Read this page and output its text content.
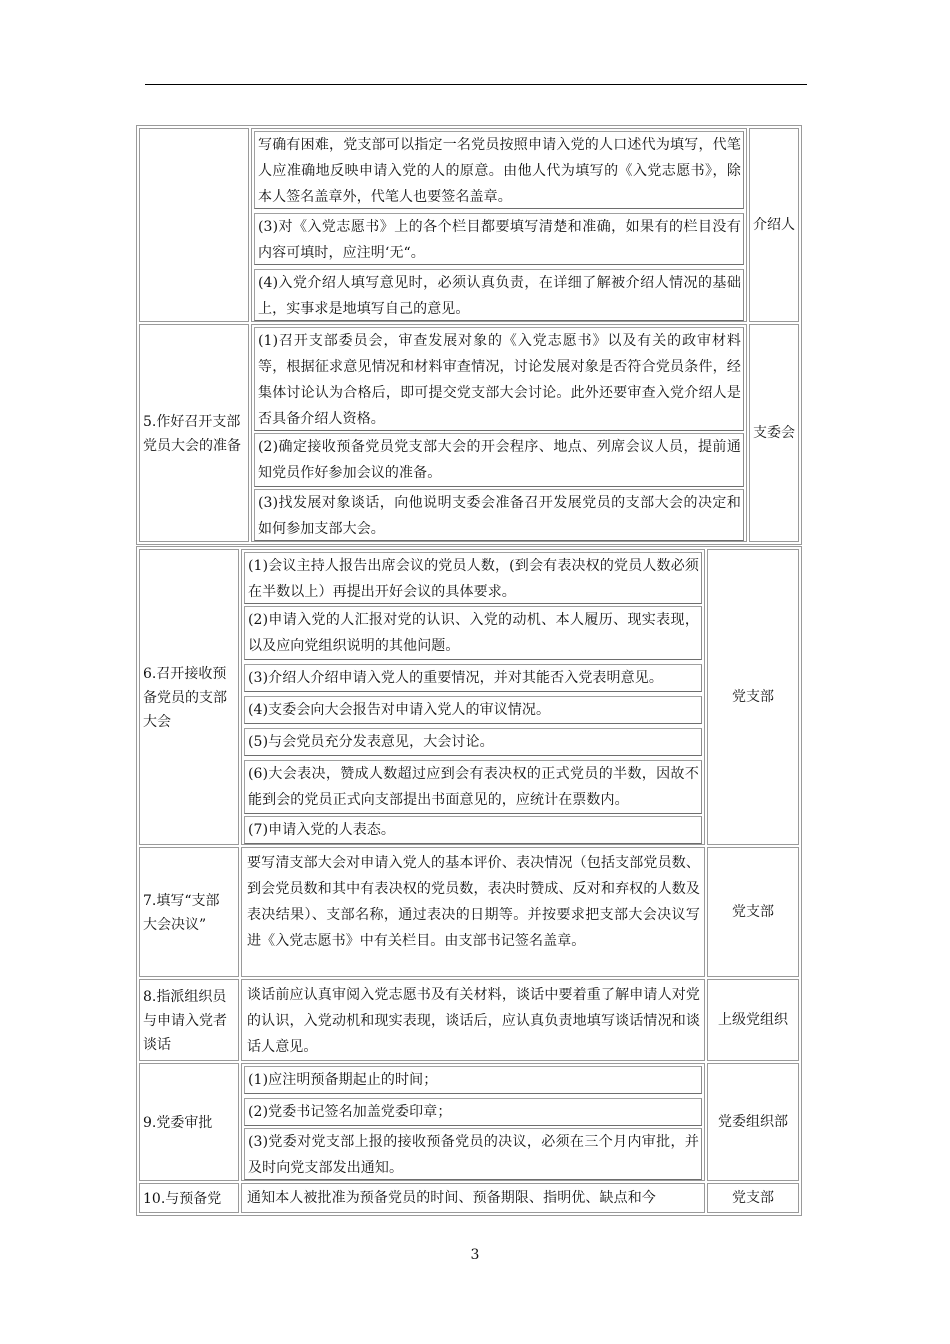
写确有困难，党支部可以指定一名党员按照申请入党的人口述代为填写，代笔人应准确地反映申请入党的人的原意。由他人代为填写的《入党志愿书》，除本人签名盖章外，代笔人也要签名盖章。
(3)对《入党志愿书》上的各个栏目都要填写清楚和准确，如果有的栏目没有内容可填时，应注明‘无“。
(4)入党介绍人填写意见时，必须认真负责，在详细了解被介绍人情况的基础上，实事求是地填写自己的意见。
介绍人
5.作好召开支部
党员大会的准备
(1)召开支部委员会，审查发展对象的《入党志愿书》以及有关的政审材料等，根据征求意见情况和材料审查情况，讨论发展对象是否符合党员条件，经集体讨论认为合格后，即可提交党支部大会讨论。此外还要审查入党介绍人是否具备介绍人资格。
(2)确定接收预备党员党支部大会的开会程序、地点、列席会议人员，提前通知党员作好参加会议的准备。
(3)找发展对象谈话，向他说明支委会准备召开发展党员的支部大会的决定和如何参加支部大会。
支委会
6.召开接收预
备党员的支部
大会
(1)会议主持人报告出席会议的党员人数，(到会有表决权的党员人数必须在半数以上）再提出开好会议的具体要求。
(2)申请入党的人汇报对党的认识、入党的动机、本人履历、现实表现，以及应向党组织说明的其他问题。
(3)介绍人介绍申请入党人的重要情况，并对其能否入党表明意见。
(4)支委会向大会报告对申请入党人的审议情况。
(5)与会党员充分发表意见，大会讨论。
(6)大会表决，赞成人数超过应到会有表决权的正式党员的半数，因故不能到会的党员正式向支部提出书面意见的，应统计在票数内。
(7)申请入党的人表态。
党支部
7.填写“支部
大会决议”
要写清支部大会对申请入党人的基本评价、表决情况（包括支部党员数、到会党员数和其中有表决权的党员数，表决时赞成、反对和弃权的人数及表决结果）、支部名称，通过表决的日期等。并按要求把支部大会决议写进《入党志愿书》中有关栏目。由支部书记签名盖章。
党支部
8.指派组织员
与申请入党者
谈话
谈话前应认真审阅入党志愿书及有关材料，谈话中要着重了解申请人对党的认识，入党动机和现实表现，谈话后，应认真负责地填写谈话情况和谈话人意见。
上级党组织
9.党委审批
(1)应注明预备期起止的时间；
(2)党委书记签名加盖党委印章；
(3)党委对党支部上报的接收预备党员的决议，必须在三个月内审批，并及时向党支部发出通知。
党委组织部
10.与预备党	通知本人被批准为预备党员的时间、预备期限、指明优、缺点和今	党支部
3
